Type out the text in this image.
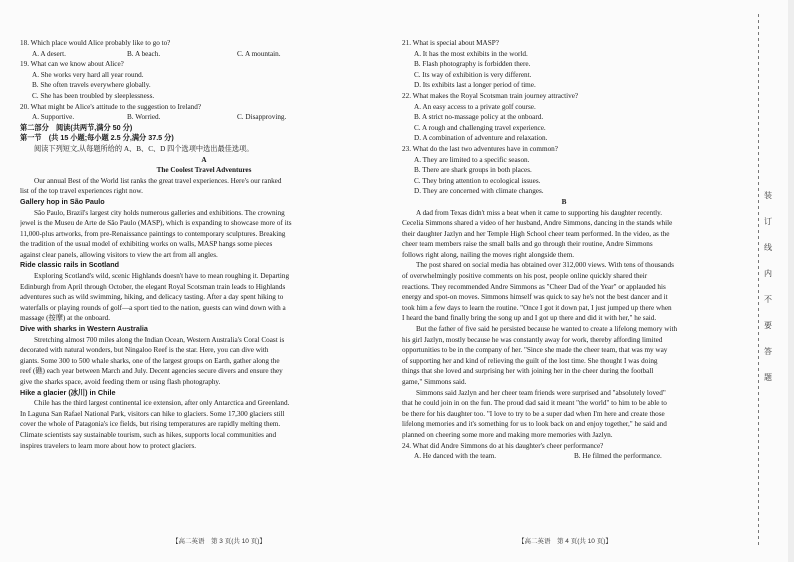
18. Which place would Alice probably like to go to?
A. A desert.	B. A beach.	C. A mountain.
19. What can we know about Alice?
A. She works very hard all year round.
B. She often travels everywhere globally.
C. She has been troubled by sleeplessness.
20. What might be Alice's attitude to the suggestion to Ireland?
A. Supportive.	B. Worried.	C. Disapproving.
第二部分　阅读(共两节,满分 50 分)
第一节　(共 15 小题;每小题 2.5 分,满分 37.5 分)
阅读下列短文,从每题所给的 A、B、C、D 四个选项中选出最佳选项。
A
The Coolest Travel Adventures
Our annual Best of the World list ranks the great travel experiences. Here's our ranked
list of the top travel experiences right now.
Gallery hop in São Paulo
São Paulo, Brazil's largest city holds numerous galleries and exhibitions. The crowning
jewel is the Museu de Arte de São Paulo (MASP), which is expanding to showcase more of its
11,000-plus artworks, from pre-Renaissance paintings to contemporary sculptures. Breaking
the tradition of the usual model of exhibiting works on walls, MASP hangs some pieces
against clear panels, allowing visitors to view the art from all angles.
Ride classic rails in Scotland
Exploring Scotland's wild, scenic Highlands doesn't have to mean roughing it. Departing
Edinburgh from April through October, the elegant Royal Scotsman train leads to Highlands
adventures such as wild swimming, hiking, and delicacy tasting. After a day spent hiking to
waterfalls or playing rounds of golf—a sport tied to the nation, guests can wind down with a
massage (按摩) at the onboard.
Dive with sharks in Western Australia
Stretching almost 700 miles along the Indian Ocean, Western Australia's Coral Coast is
decorated with natural wonders, but Ningaloo Reef is the star. Here, you can dive with
giants. Some 300 to 500 whale sharks, one of the largest groups on Earth, gather along the
reef (礁) each year between March and July. Decent agencies secure divers and ensure they
give the sharks space, avoid feeding them or using flash photography.
Hike a glacier (冰川) in Chile
Chile has the third largest continental ice extension, after only Antarctica and Greenland.
In Laguna San Rafael National Park, visitors can hike to glaciers. Some 17,300 glaciers still
cover the whole of Patagonia's ice fields, but rising temperatures are rapidly melting them.
Climate scientists say sustainable tourism, such as hikes, supports local communities and
inspires travelers to learn more about how to protect glaciers.
21. What is special about MASP?
A. It has the most exhibits in the world.
B. Flash photography is forbidden there.
C. Its way of exhibition is very different.
D. Its exhibits last a longer period of time.
22. What makes the Royal Scotsman train journey attractive?
A. An easy access to a private golf course.
B. A strict no-massage policy at the onboard.
C. A rough and challenging travel experience.
D. A combination of adventure and relaxation.
23. What do the last two adventures have in common?
A. They are limited to a specific season.
B. There are shark groups in both places.
C. They bring attention to ecological issues.
D. They are concerned with climate changes.
B
A dad from Texas didn't miss a beat when it came to supporting his daughter recently.
Cecelia Simmons shared a video of her husband, Andre Simmons, dancing in the stands while
their daughter Jazlyn and her Temple High School cheer team performed. In the video, as the
cheer team members raise the small balls and go through their routine, Andre Simmons
follows right along, nailing the moves right alongside them.
The post shared on social media has obtained over 312,000 views. With tens of thousands
of overwhelmingly positive comments on his post, people online quickly shared their
reactions. They recommended Andre Simmons as "Cheer Dad of the Year" or applauded his
energy and spot-on moves. Simmons himself was quick to say he's not the best dancer and it
took him a few days to learn the routine. "Once I got it down pat, I just jumped up there when
I heard the band finally bring the song up and I got up there and did it with her," he said.
But the father of five said he persisted because he wanted to create a lifelong memory with
his girl Jazlyn, mostly because he was constantly away for work, thereby affording limited
opportunities to be in the company of her. "Since she made the cheer team, that was my way
of supporting her and kind of relieving the guilt of the lost time. She thought I was doing
things that she loved and surprising her with joining her in the cheer during the football
game," Simmons said.
Simmons said Jazlyn and her cheer team friends were surprised and "absolutely loved"
that he could join in on the fun. The proud dad said it meant "the world" to him to be able to
be there for his daughter too. "I love to try to be a super dad when I'm here and create those
lifelong memories and it's something for us to look back on and enjoy together," he said and
planned on cheering some more and making more memories with Jazlyn.
24. What did Andre Simmons do at his daughter's cheer performance?
A. He danced with the team.	B. He filmed the performance.
【高二英语　第 3 页(共 10 页)】	【高二英语　第 4 页(共 10 页)】
装
订
线
内
不
要
答
题
